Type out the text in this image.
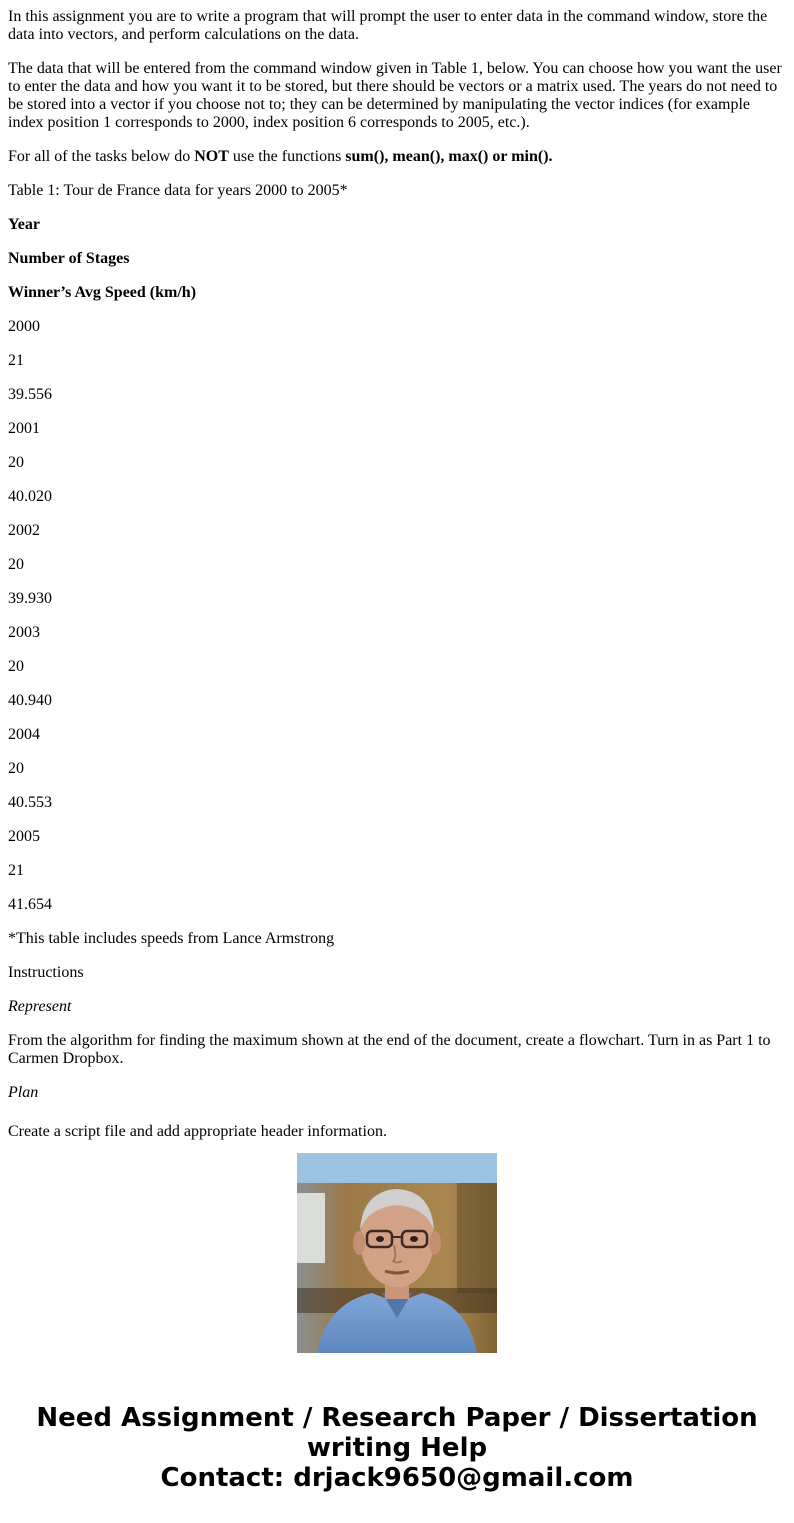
In this assignment you are to write a program that will prompt the user to enter data in the command window, store the data into vectors, and perform calculations on the data.

The data that will be entered from the command window given in Table 1, below. You can choose how you want the user to enter the data and how you want it to be stored, but there should be vectors or a matrix used. The years do not need to be stored into a vector if you choose not to; they can be determined by manipulating the vector indices (for example index position 1 corresponds to 2000, index position 6 corresponds to 2005, etc.).

For all of the tasks below do NOT use the functions sum(), mean(), max() or min().

Table 1: Tour de France data for years 2000 to 2005*

Year

Number of Stages

Winner’s Avg Speed (km/h)

2000

21

39.556

2001

20

40.020

2002

20

39.930

2003

20

40.940

2004

20

40.553

2005

21

41.654

*This table includes speeds from Lance Armstrong

Instructions

Represent

From the algorithm for finding the maximum shown at the end of the document, create a flowchart. Turn in as Part 1 to Carmen Dropbox.

Plan

Create a script file and add appropriate header information.

Need Assignment / Research Paper / Dissertation
writing Help
Contact: drjack9650@gmail.com
